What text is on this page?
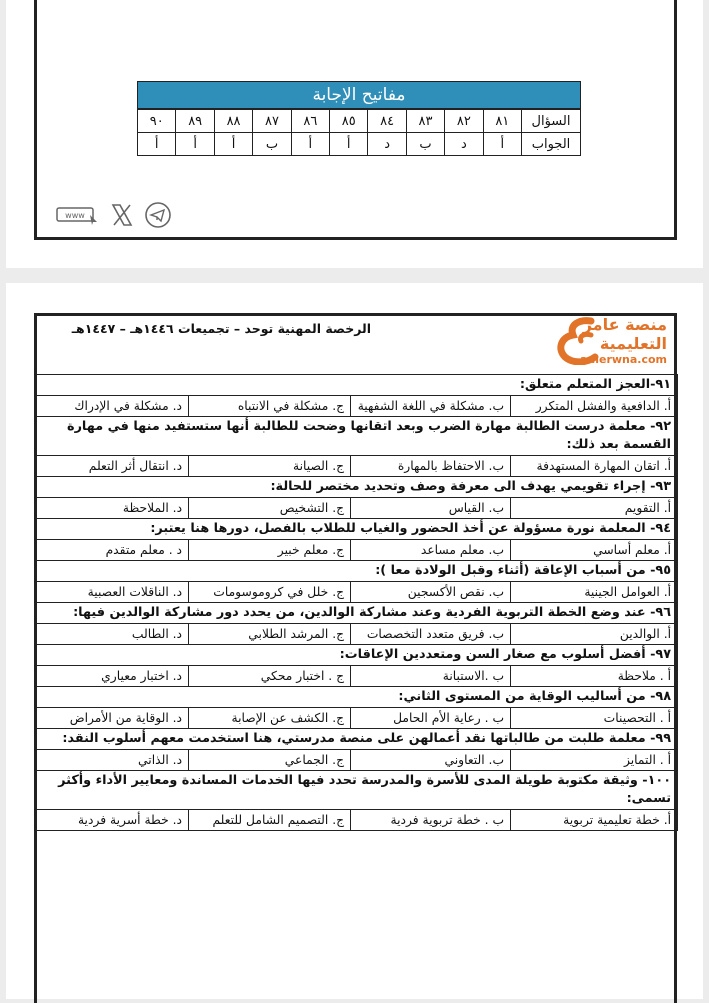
مفاتيح الإجابة
السؤال	٨١	٨٢	٨٣	٨٤	٨٥	٨٦	٨٧	٨٨	٨٩	٩٠
الجواب	أ	د	ب	د	أ	أ	ب	أ	أ	أ
www
الرخصة المهنية توحد – تجميعات ١٤٤٦هـ – ١٤٤٧هـ	منصة عامر
التعليمية
amerwna.com
٩١-العجز المتعلم متعلق:			
أ. الدافعية والفشل المتكرر	ب. مشكلة في اللغة الشفهية	ج. مشكلة في الانتباه	د. مشكلة في الإدراك
٩٢- معلمة درست الطالبة مهارة الضرب وبعد اتقانها وضحت للطالبة أنها ستستفيد منها في مهارة القسمة بعد ذلك:			
أ. اتقان المهارة المستهدفة	ب. الاحتفاظ بالمهارة	ج. الصيانة	د. انتقال أثر التعلم
٩٣- إجراء تقويمي يهدف الى معرفة وصف وتحديد مختصر للحالة:			
أ. التقويم	ب. القياس	ج. التشخيص	د. الملاحظة
٩٤- المعلمة نورة مسؤولة عن أخذ الحضور والغياب للطلاب بالفصل، دورها هنا يعتبر:			
أ. معلم أساسي	ب. معلم مساعد	ج. معلم خبير	د . معلم متقدم
٩٥- من أسباب الإعاقة (أثناء وقبل الولادة معا ):			
أ. العوامل الجينية	ب. نقص الأكسجين	ج. خلل في كروموسومات	د. الناقلات العصبية
٩٦- عند وضع الخطة التربوية الفردية وعند مشاركة الوالدين، من يحدد دور مشاركة الوالدين فيها:			
أ. الوالدين	ب. فريق متعدد التخصصات	ج. المرشد الطلابي	د. الطالب
٩٧- أفضل أسلوب مع صغار السن ومتعددين الإعاقات:			
أ . ملاحظة	ب .الاستبانة	ج . اختبار محكي	د. اختبار معياري
٩٨- من أساليب الوقاية من المستوى الثاني:			
أ . التحصينات	ب . رعاية الأم الحامل	ج. الكشف عن الإصابة	د. الوقاية من الأمراض
٩٩- معلمة طلبت من طالباتها نقد أعمالهن على منصة مدرستي، هنا استخدمت معهم أسلوب النقد:			
أ . التمايز	ب. التعاوني	ج. الجماعي	د. الذاتي
١٠٠- وثيقة مكتوبة طويلة المدى للأسرة والمدرسة تحدد فيها الخدمات المساندة ومعايير الأداء وأكثر تسمى:			
أ. خطة تعليمية تربوية	ب . خطة تربوية فردية	ج. التصميم الشامل للتعلم	د. خطة أسرية فردية
